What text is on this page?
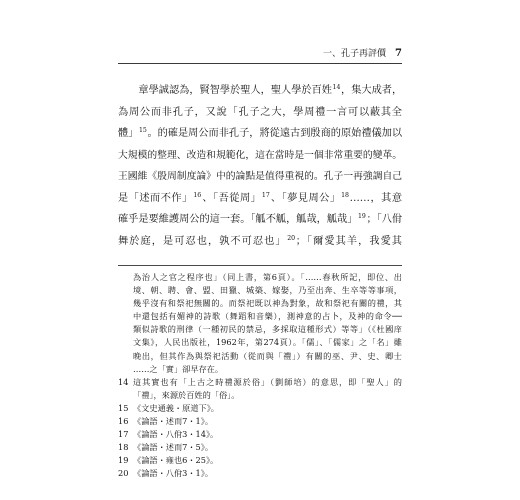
一、孔子再評價 7
章學誠認為，賢智學於聖人，聖人學於百姓$^{14}$，集大成者，
為周公而非孔子，又說「孔子之大，學周禮一言可以蔽其全
體」$^{15}$。的確是周公而非孔子，將從遠古到殷商的原始禮儀加以
大規模的整理、改造和規範化，這在當時是一個非常重要的變革。
王國維《殷周制度論》中的論點是值得重視的。孔子一再強調自己
是「述而不作」$^{16}$、「吾從周」$^{17}$、「夢見周公」$^{18}$……，其意
確乎是要維護周公的這一套。「觚不觚，觚哉，觚哉」$^{19}$；「八佾
舞於庭，是可忍也，孰不可忍也」$^{20}$；「爾愛其羊，我愛其
為治人之官之程序也」（同上書，第6頁）。「……春秋所記，即位、出
境、朝、聘、會、盟、田獵、城築、嫁娶，乃至出奔、生卒等等事項，
幾乎沒有和祭祀無關的。而祭祀既以神為對象，故和祭祀有關的禮，其
中還包括有媚神的詩歌（舞蹈和音樂），測神意的占卜，及神的命令──
類似詩歌的刑律（一種初民的禁忌，多採取這種形式）等等」（《杜國庠
文集》，人民出版社，1962年，第274頁）。「儒」、「儒家」之「名」雖
晚出，但其作為與祭祀活動（從而與「禮」）有關的巫、尹、史、卿士
……之「實」卻早存在。
14 這其實也有「上古之時禮源於俗」（劉師培）的意思，即「聖人」的
「禮」，來源於百姓的「俗」。
15 《文史通義・原道下》。
16 《論語・述而7・1》。
17 《論語・八佾3・14》。
18 《論語・述而7・5》。
19 《論語・雍也6・25》。
20 《論語・八佾3・1》。
